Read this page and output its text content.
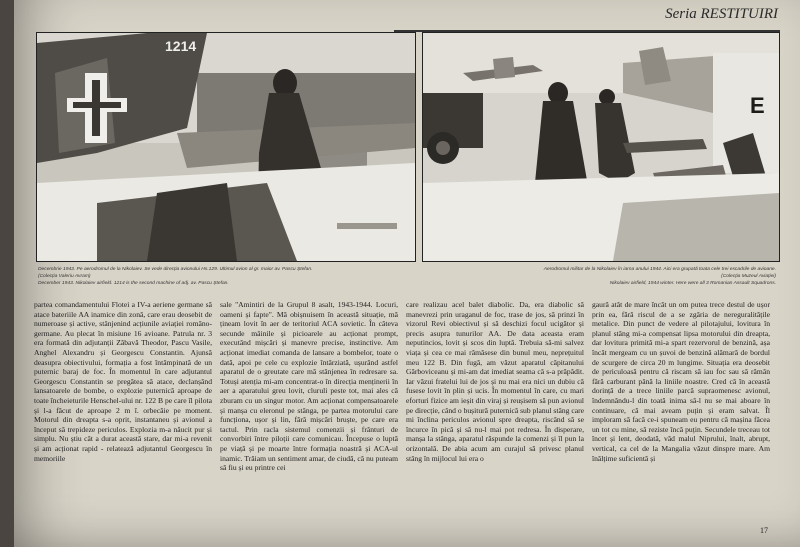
Seria RESTITUIRI
1214
E
Decembrie 1943. Pe aerodromul de la Nikolaiev. Se vede direcția avionului Hs.129. Ultimul avion al gr. maior av. Pascu Ștefan.
(Colecția Valeriu Avram)
December 1943. Nikolaiev airfield. 1214 is the second machine of adj. av. Pascu Ștefan.
Aerodromul militar de la Nikolaiev în iarna anului 1944. Aici era grupată toata cele trei escadrile de avioane.
(Colecția Muzeul Aviației)
Nikolaiev airfield, 1944 winter. Here were all 3 Romanian Assault Squadrons.
partea comandamentului Flotei a IV-a aeriene germane să atace bateriile AA inamice din zonă, care erau deosebit de numeroase și active, stânjenind acțiunile aviației româno-germane. Au plecat în misiune 16 avioane. Patrula nr. 3 era formată din adjutanții Zăbavă Theodor, Pascu Vasile, Anghel Alexandru și Georgescu Constantin. Ajunsă deasupra obiectivului, formația a fost întâmpinată de un puternic baraj de foc. În momentul în care adjutantul Georgescu Constantin se pregătea să atace, declanșând lansatoarele de bombe, o explozie puternică aproape de toate încheieturile Henschel-ului nr. 122 B pe care îl pilota și l-a făcut de aproape 2 m î. orbecăie pe moment. Motorul din dreapta s-a oprit, instantaneu și avionul a început să trepideze periculos. Explozia m-a năucit pur și simplu. Nu știu cât a durat această stare, dar mi-a revenit și am acționat rapid - relatează adjutantul Georgescu în memoriile
sale "Amintiri de la Grupul 8 asalt, 1943-1944. Locuri, oameni și fapte". Mă obișnuisem în această situație, mă țineam lovit în aer de teritoriul ACA sovietic. În câteva secunde mâinile și picioarele au acționat prompt, executând mișcări și manevre precise, instinctive. Am acționat imediat comanda de lansare a bombelor, toate o dată, apoi pe cele cu explozie întârziată, ușurând astfel aparatul de o greutate care mă stânjenea în redresare sa. Totuși atenția mi-am concentrat-o în direcția menținerii în aer a aparatului greu lovit, cluruli peste tot, mai ales că zburam cu un singur motor. Am acționat compensatoarele și manșa cu eleronul pe stânga, pe partea motorului care funcționa, ușor și lin, fără mișcări bruște, pe care era tactul. Prin racla sistemul comenzii și frânturi de convorbiri între piloții care comunicau. Începuse o luptă pe viață și pe moarte între formația noastră și ACA-ul inamic. Trăiam un sentiment amar, de ciudă, că nu puteam să fiu și eu printre cei
care realizau acel balet diabolic. Da, era diabolic să manevrezi prin uraganul de foc, trase de jos, să prinzi în vizorul Revi obiectivul și să deschizi focul ucigător și precis asupra tunurilor AA. De data aceasta eram neputincios, lovit și scos din luptă. Trebuia să-mi salvez viața și cea ce mai rămăsese din bunul meu, neprețuitul meu 122 B. Din fugă, am văzut aparatul căpitanului Gărboviceanu și mi-am dat imediat seama că s-a prăpădit. Iar văzui fratelui lui de jos și nu mai era nici un dubiu că fusese lovit în plin și ucis. În momentul în care, cu mari eforturi fizice am ieșit din viraj și reușisem să pun avionul pe direcție, când o bușitură puternică sub planul stâng care mi înclina periculos avionul spre dreapta, riscând să se încurce în pică și să nu-l mai pot redresa. În disperare, manșa la stânga, aparatul răspunde la comenzi și îl pun la orizontală. De abia acum am curajul să privesc planul stâng în mijlocul lui era o
gaură atât de mare încât un om putea trece destul de ușor prin ea, fără riscul de a se zgâria de nereguralitățile metalice. Din punct de vedere al pilotajului, lovitura în planul stâng mi-a compensat lipsa motorului din dreapta, dar lovitura primită mi-a spart rezervorul de benzină, așa încât mergeam cu un șuvoi de benzină alămară de bordul de scurgere de circa 20 m lungime. Situația era deosebit de periculoasă pentru că riscam să iau foc sau să rămân fără carburant până la liniile noastre. Cred că în această dorință de a trece liniile parcă supraomenesc avionul, îndemnându-l din toată inima să-l nu se mai aboare în continuare, că mai aveam puțin și eram salvat. Îl imploram să facă ce-i spuneam eu pentru că mașina făcea un tot cu mine, să reziste încă puțin. Secundele treceau tot încet și lent, deodată, văd malul Niprului, înalt, abrupt, vertical, ca cel de la Mangalia văzut dinspre mare. Am înălțime suficientă și
17
